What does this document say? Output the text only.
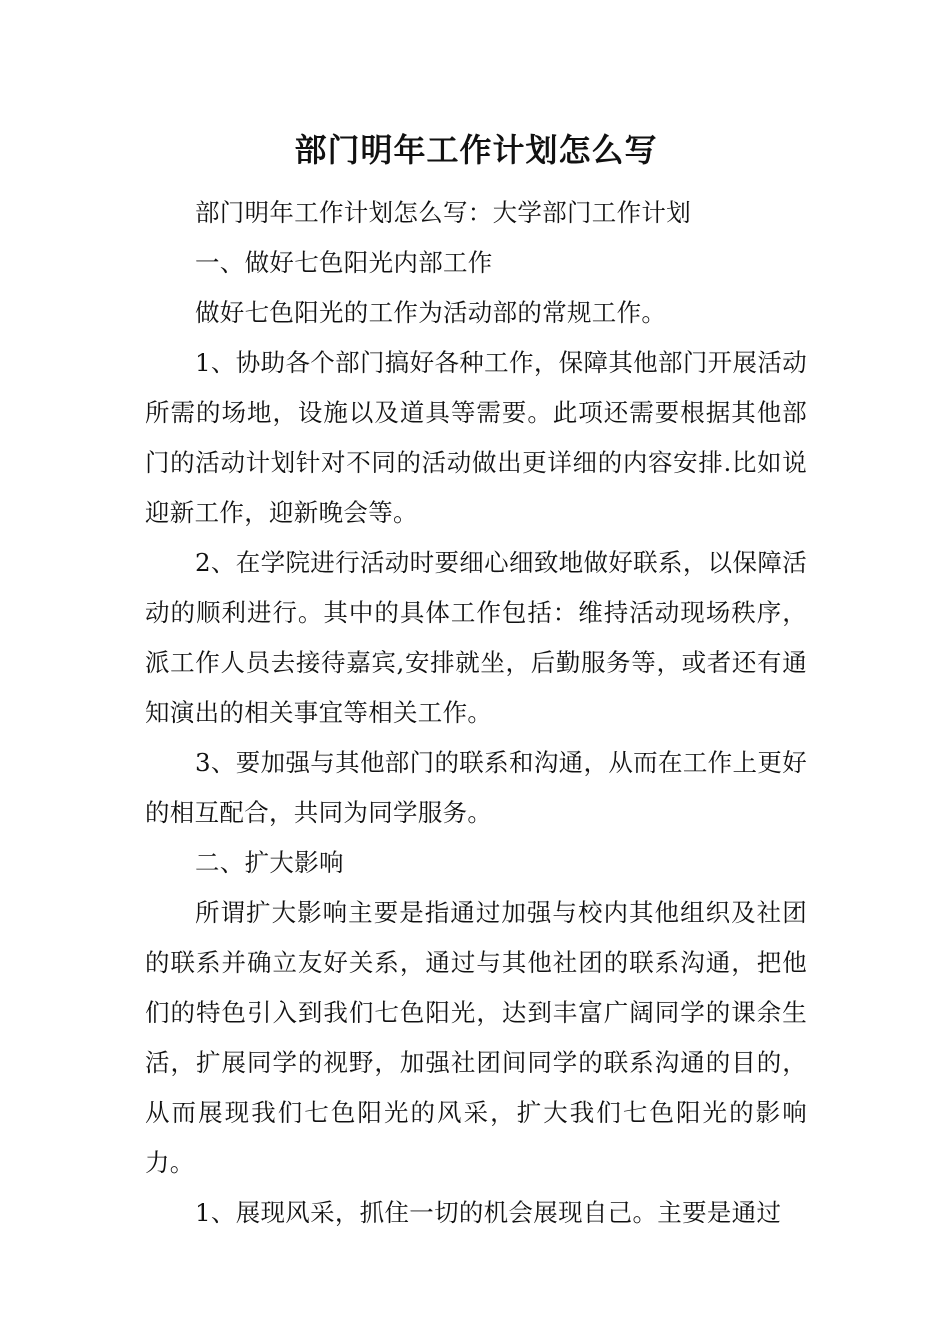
部门明年工作计划怎么写

部门明年工作计划怎么写：大学部门工作计划

一、做好七色阳光内部工作

做好七色阳光的工作为活动部的常规工作。

1、协助各个部门搞好各种工作，保障其他部门开展活动所需的场地，设施以及道具等需要。此项还需要根据其他部门的活动计划针对不同的活动做出更详细的内容安排.比如说迎新工作，迎新晚会等。

2、在学院进行活动时要细心细致地做好联系，以保障活动的顺利进行。其中的具体工作包括：维持活动现场秩序，派工作人员去接待嘉宾,安排就坐，后勤服务等，或者还有通知演出的相关事宜等相关工作。

3、要加强与其他部门的联系和沟通，从而在工作上更好的相互配合，共同为同学服务。

二、扩大影响

所谓扩大影响主要是指通过加强与校内其他组织及社团的联系并确立友好关系，通过与其他社团的联系沟通，把他们的特色引入到我们七色阳光，达到丰富广阔同学的课余生活，扩展同学的视野，加强社团间同学的联系沟通的目的，从而展现我们七色阳光的风采，扩大我们七色阳光的影响力。

1、展现风采，抓住一切的机会展现自己。主要是通过
